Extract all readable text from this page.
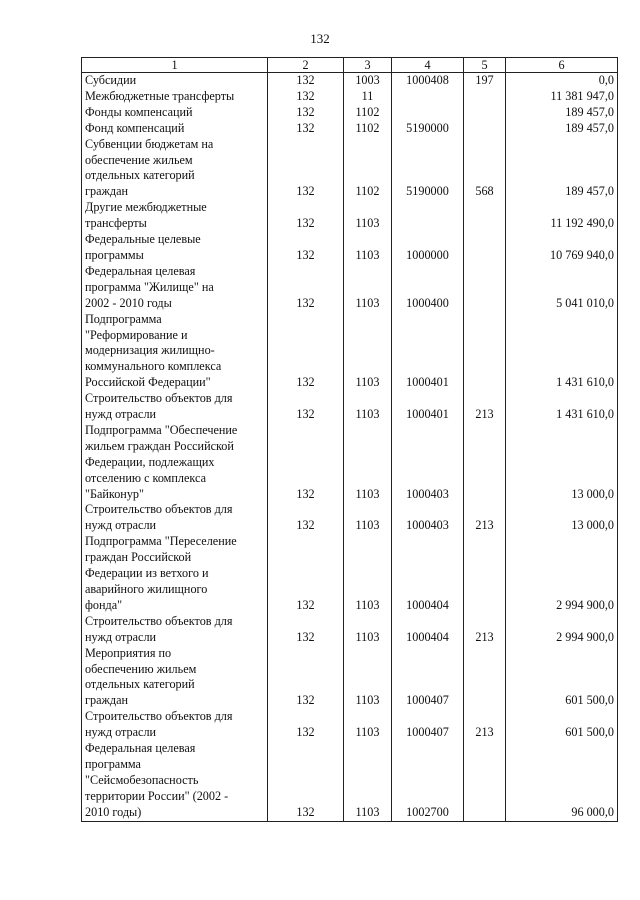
132
1	2	3	4	5	6

Субсидии	132	1003	1000408	197	0,0

Межбюджетные трансферты	132	11			11 381 947,0

Фонды компенсаций	132	1102			189 457,0

Фонд компенсаций	132	1102	5190000		189 457,0

Субвенции бюджетам на
обеспечение жильем
отдельных категорий
граждан	132	1102	5190000	568	189 457,0

Другие межбюджетные
трансферты	132	1103			11 192 490,0

Федеральные целевые
программы	132	1103	1000000		10 769 940,0

Федеральная целевая
программа "Жилище" на
2002 - 2010 годы	132	1103	1000400		5 041 010,0

Подпрограмма
"Реформирование и
модернизация жилищно-
коммунального комплекса
Российской Федерации"	132	1103	1000401		1 431 610,0

Строительство объектов для
нужд отрасли	132	1103	1000401	213	1 431 610,0

Подпрограмма "Обеспечение
жильем граждан Российской
Федерации, подлежащих
отселению с комплекса
"Байконур"	132	1103	1000403		13 000,0

Строительство объектов для
нужд отрасли	132	1103	1000403	213	13 000,0

Подпрограмма "Переселение
граждан Российской
Федерации из ветхого и
аварийного жилищного
фонда"	132	1103	1000404		2 994 900,0

Строительство объектов для
нужд отрасли	132	1103	1000404	213	2 994 900,0

Мероприятия по
обеспечению жильем
отдельных категорий
граждан	132	1103	1000407		601 500,0

Строительство объектов для
нужд отрасли	132	1103	1000407	213	601 500,0

Федеральная целевая
программа
"Сейсмобезопасность
территории России" (2002 -
2010 годы)	132	1103	1002700		96 000,0
